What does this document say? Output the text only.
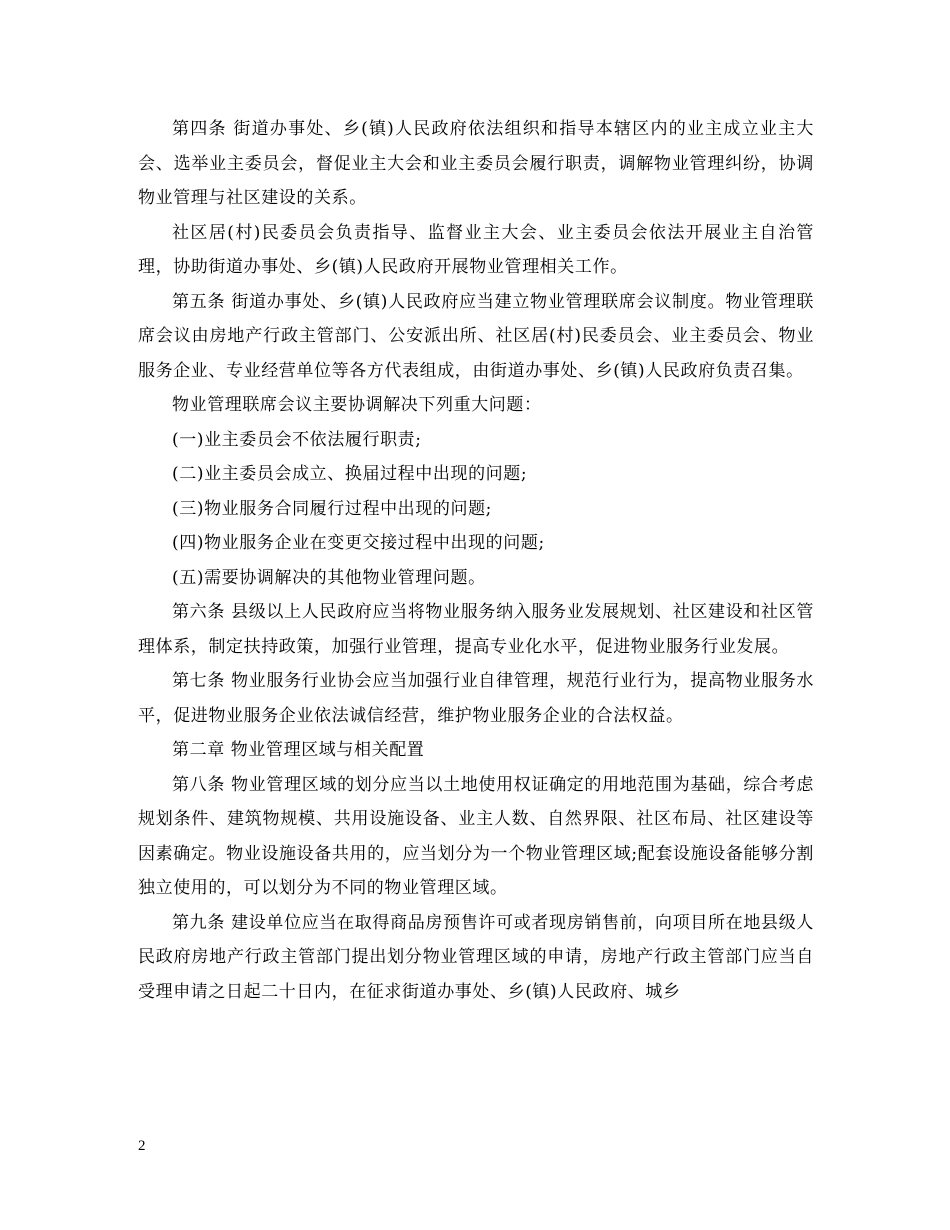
第四条 街道办事处、乡(镇)人民政府依法组织和指导本辖区内的业主成立业主大会、选举业主委员会，督促业主大会和业主委员会履行职责，调解物业管理纠纷，协调物业管理与社区建设的关系。

社区居(村)民委员会负责指导、监督业主大会、业主委员会依法开展业主自治管理，协助街道办事处、乡(镇)人民政府开展物业管理相关工作。

第五条 街道办事处、乡(镇)人民政府应当建立物业管理联席会议制度。物业管理联席会议由房地产行政主管部门、公安派出所、社区居(村)民委员会、业主委员会、物业服务企业、专业经营单位等各方代表组成，由街道办事处、乡(镇)人民政府负责召集。

物业管理联席会议主要协调解决下列重大问题：

(一)业主委员会不依法履行职责;

(二)业主委员会成立、换届过程中出现的问题;

(三)物业服务合同履行过程中出现的问题;

(四)物业服务企业在变更交接过程中出现的问题;

(五)需要协调解决的其他物业管理问题。

第六条 县级以上人民政府应当将物业服务纳入服务业发展规划、社区建设和社区管理体系，制定扶持政策，加强行业管理，提高专业化水平，促进物业服务行业发展。

第七条 物业服务行业协会应当加强行业自律管理，规范行业行为，提高物业服务水平，促进物业服务企业依法诚信经营，维护物业服务企业的合法权益。

第二章 物业管理区域与相关配置

第八条 物业管理区域的划分应当以土地使用权证确定的用地范围为基础，综合考虑规划条件、建筑物规模、共用设施设备、业主人数、自然界限、社区布局、社区建设等因素确定。物业设施设备共用的，应当划分为一个物业管理区域;配套设施设备能够分割独立使用的，可以划分为不同的物业管理区域。

第九条 建设单位应当在取得商品房预售许可或者现房销售前，向项目所在地县级人民政府房地产行政主管部门提出划分物业管理区域的申请，房地产行政主管部门应当自受理申请之日起二十日内，在征求街道办事处、乡(镇)人民政府、城乡

2
